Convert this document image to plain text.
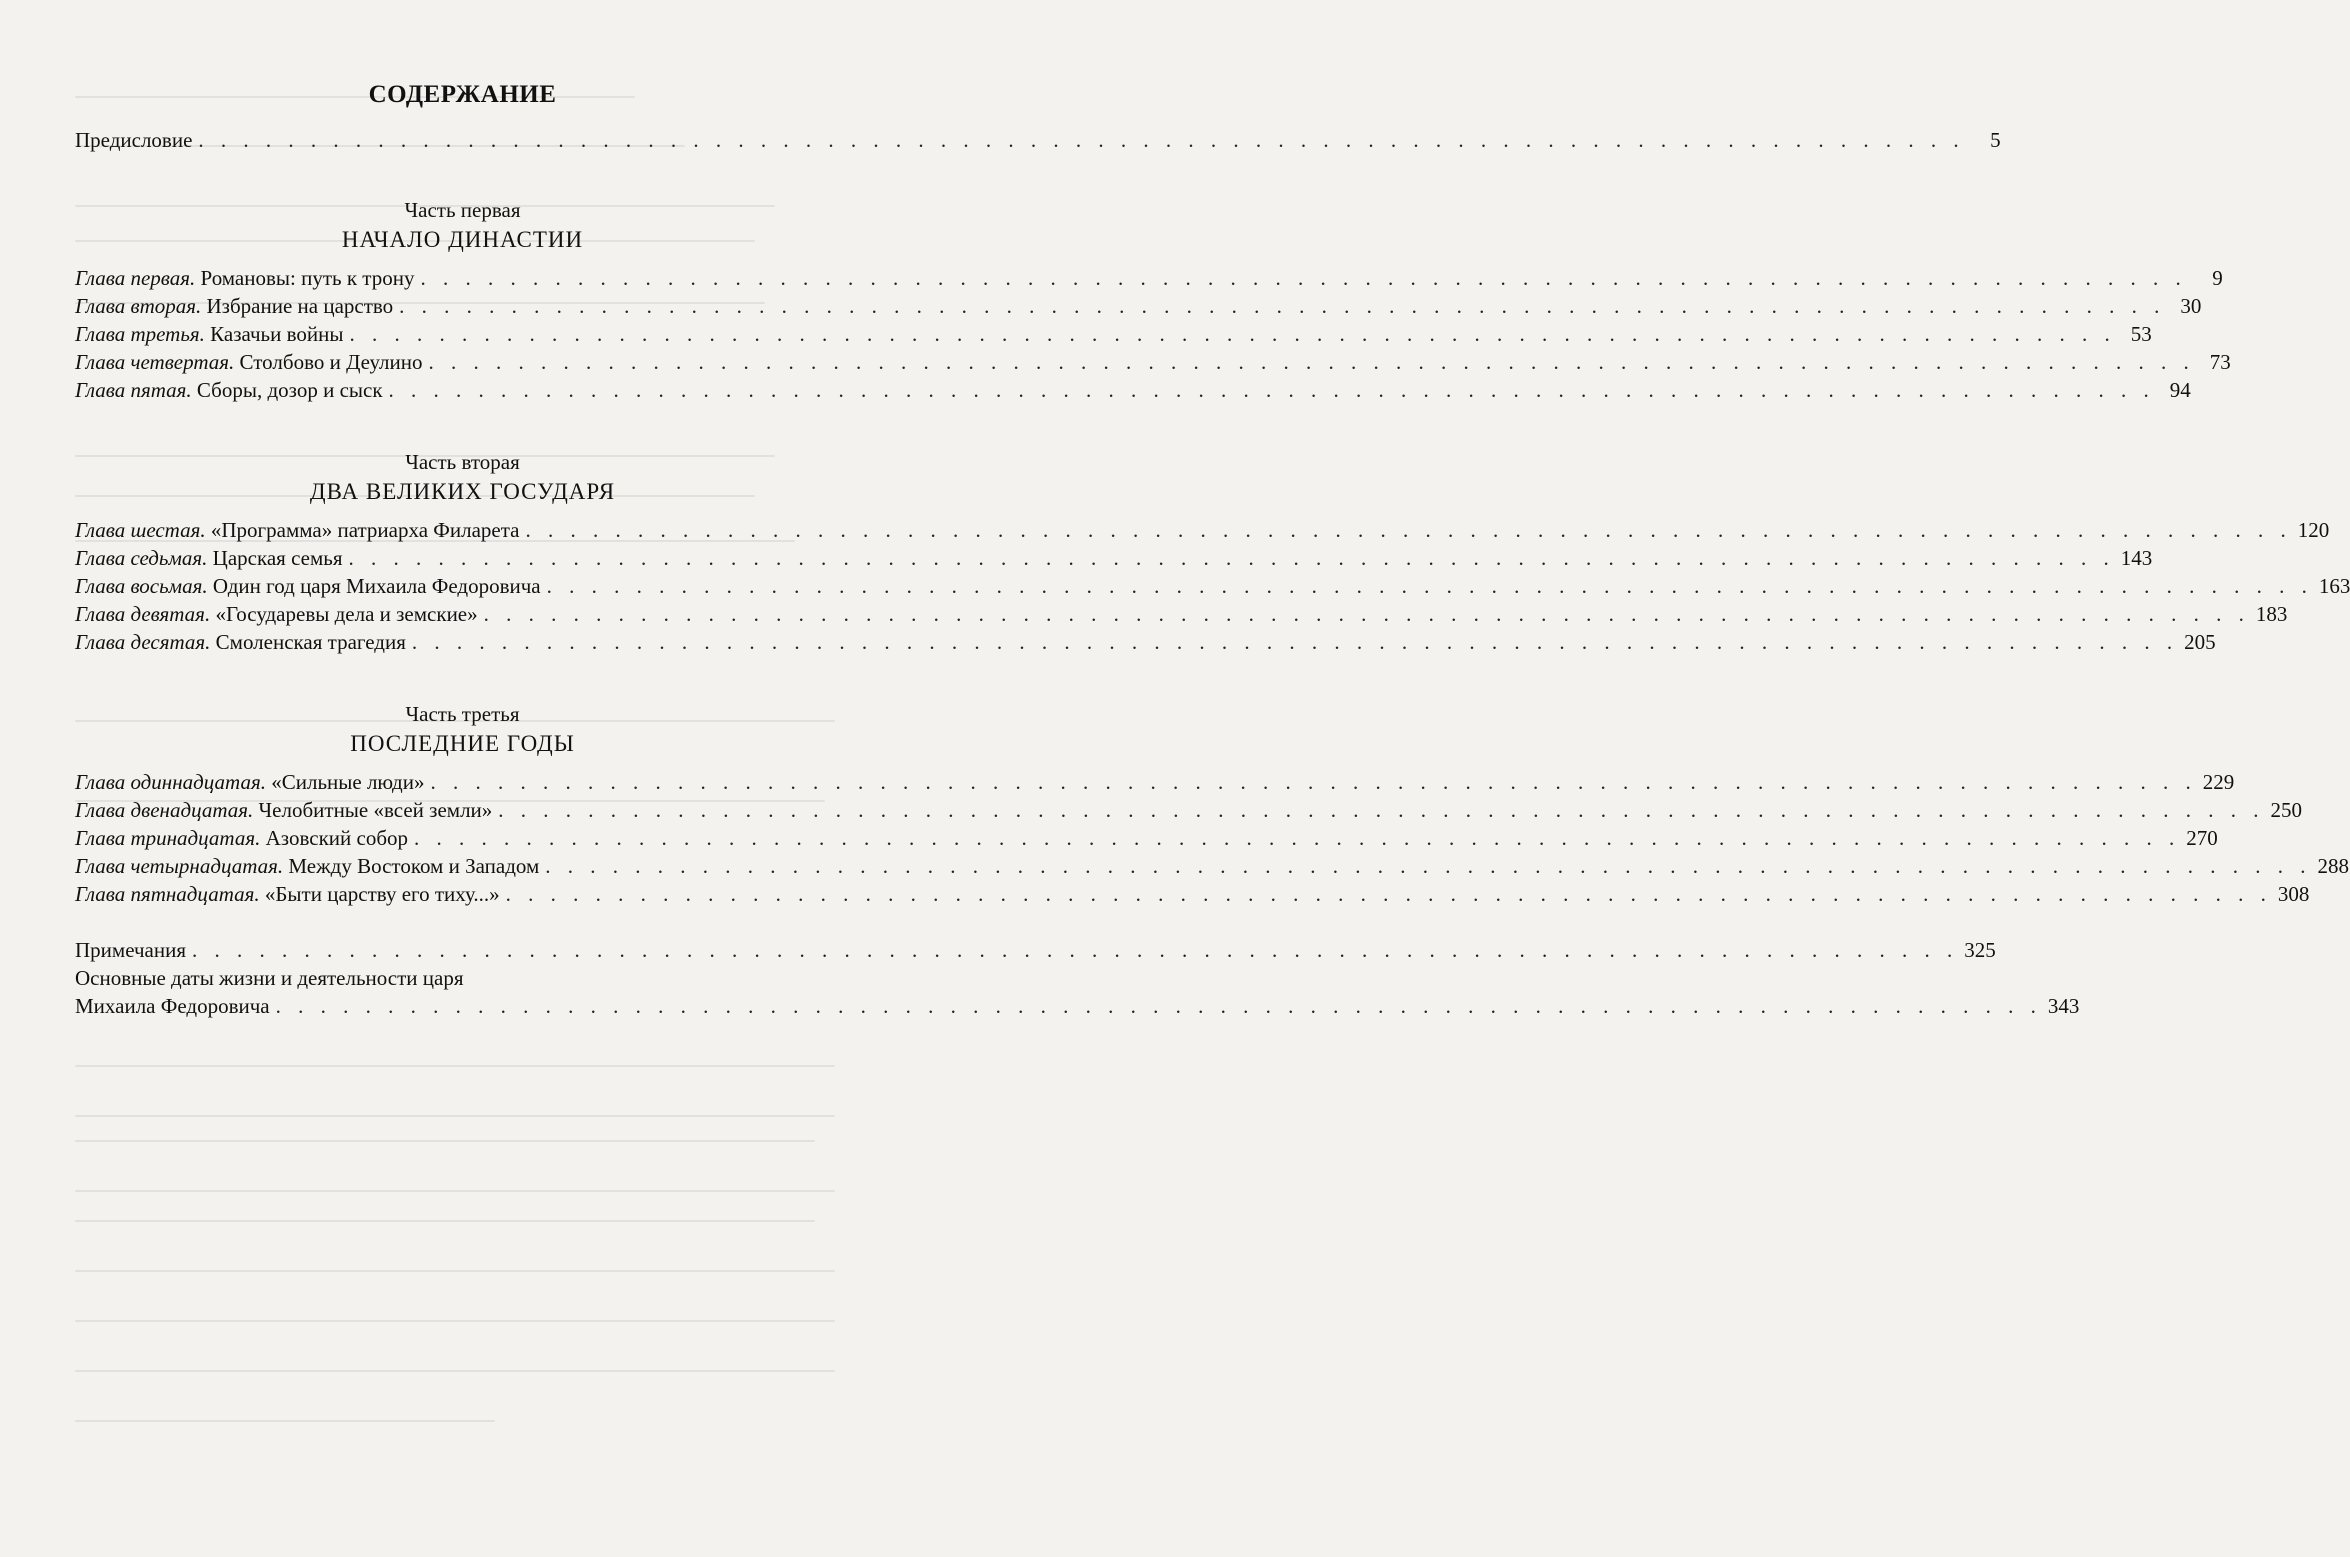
СОДЕРЖАНИЕ
Предисловие . . . . . . . . . . . . . . . . . . . . . . . . . . . . . . . . . . . . . . . . . . . . . . . . . . . . . . . . . . . . . . . . . . . . . . . . . . . . . . .	5
Часть первая
НАЧАЛО ДИНАСТИИ
Глава первая. Романовы: путь к трону . . . . . . . . . . . . . . . . . . . . . . . . . . . . . . . . . . . . . . . . . . . . . . . . . . . . . . . . . . . . . . . . . . . . . . . . . . . . . . .	9
Глава вторая. Избрание на царство . . . . . . . . . . . . . . . . . . . . . . . . . . . . . . . . . . . . . . . . . . . . . . . . . . . . . . . . . . . . . . . . . . . . . . . . . . . . . . . 30
Глава третья. Казачьи войны . . . . . . . . . . . . . . . . . . . . . . . . . . . . . . . . . . . . . . . . . . . . . . . . . . . . . . . . . . . . . . . . . . . . . . . . . . . . . . . 53
Глава четвертая. Столбово и Деулино . . . . . . . . . . . . . . . . . . . . . . . . . . . . . . . . . . . . . . . . . . . . . . . . . . . . . . . . . . . . . . . . . . . . . . . . . . . . . . . 73
Глава пятая. Сборы, дозор и сыск . . . . . . . . . . . . . . . . . . . . . . . . . . . . . . . . . . . . . . . . . . . . . . . . . . . . . . . . . . . . . . . . . . . . . . . . . . . . . . . 94
Часть вторая
ДВА ВЕЛИКИХ ГОСУДАРЯ
Глава шестая. «Программа» патриарха Филарета . . . . . . . . . . . . . . . . . . . . . . . . . . . . . . . . . . . . . . . . . . . . . . . . . . . . . . . . . . . . . . . . . . . . . . . . . . . . . . . 120
Глава седьмая. Царская семья . . . . . . . . . . . . . . . . . . . . . . . . . . . . . . . . . . . . . . . . . . . . . . . . . . . . . . . . . . . . . . . . . . . . . . . . . . . . . . . 143
Глава восьмая. Один год царя Михаила Федоровича . . . . . . . . . . . . . . . . . . . . . . . . . . . . . . . . . . . . . . . . . . . . . . . . . . . . . . . . . . . . . . . . . . . . . . . . . . . . . . . 163
Глава девятая. «Государевы дела и земские» . . . . . . . . . . . . . . . . . . . . . . . . . . . . . . . . . . . . . . . . . . . . . . . . . . . . . . . . . . . . . . . . . . . . . . . . . . . . . . . 183
Глава десятая. Смоленская трагедия . . . . . . . . . . . . . . . . . . . . . . . . . . . . . . . . . . . . . . . . . . . . . . . . . . . . . . . . . . . . . . . . . . . . . . . . . . . . . . . 205
Часть третья
ПОСЛЕДНИЕ ГОДЫ
Глава одиннадцатая. «Сильные люди» . . . . . . . . . . . . . . . . . . . . . . . . . . . . . . . . . . . . . . . . . . . . . . . . . . . . . . . . . . . . . . . . . . . . . . . . . . . . . . . 229
Глава двенадцатая. Челобитные «всей земли» . . . . . . . . . . . . . . . . . . . . . . . . . . . . . . . . . . . . . . . . . . . . . . . . . . . . . . . . . . . . . . . . . . . . . . . . . . . . . . . 250
Глава тринадцатая. Азовский собор . . . . . . . . . . . . . . . . . . . . . . . . . . . . . . . . . . . . . . . . . . . . . . . . . . . . . . . . . . . . . . . . . . . . . . . . . . . . . . . 270
Глава четырнадцатая. Между Востоком и Западом . . . . . . . . . . . . . . . . . . . . . . . . . . . . . . . . . . . . . . . . . . . . . . . . . . . . . . . . . . . . . . . . . . . . . . . . . . . . . . . 288
Глава пятнадцатая. «Быти царству его тиху...» . . . . . . . . . . . . . . . . . . . . . . . . . . . . . . . . . . . . . . . . . . . . . . . . . . . . . . . . . . . . . . . . . . . . . . . . . . . . . . . 308
Примечания . . . . . . . . . . . . . . . . . . . . . . . . . . . . . . . . . . . . . . . . . . . . . . . . . . . . . . . . . . . . . . . . . . . . . . . . . . . . . . . 325
Основные даты жизни и деятельности царя
Михаила Федоровича . . . . . . . . . . . . . . . . . . . . . . . . . . . . . . . . . . . . . . . . . . . . . . . . . . . . . . . . . . . . . . . . . . . . . . . . . . . . . . . 343
